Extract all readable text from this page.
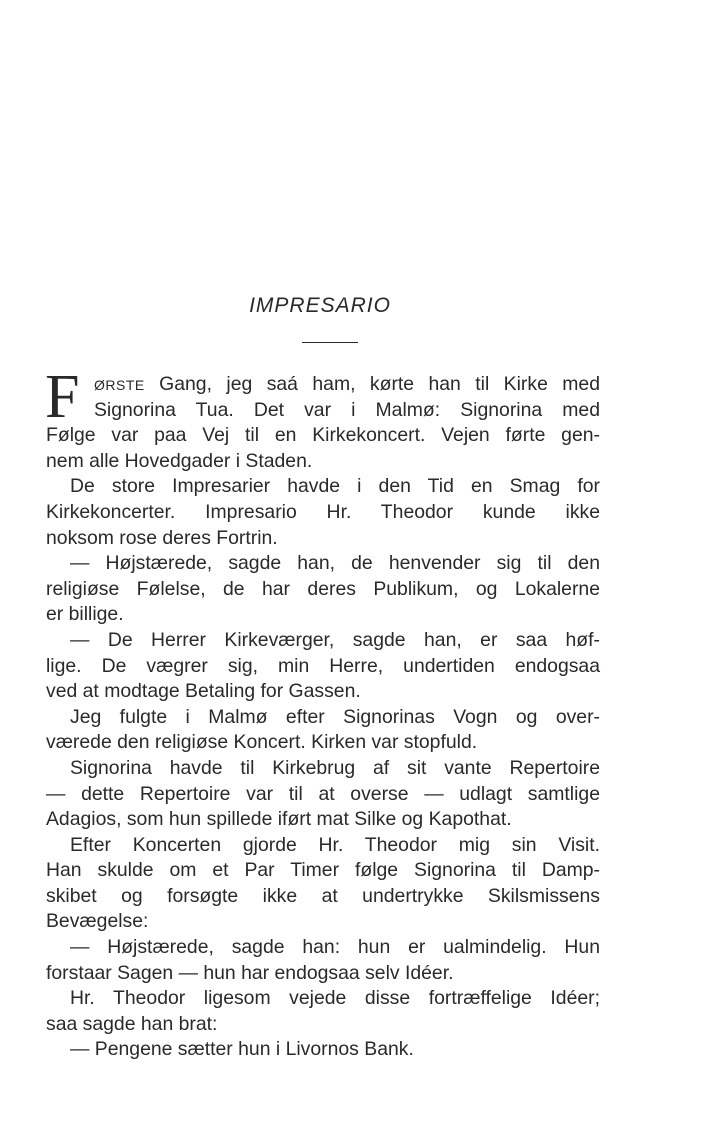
IMPRESARIO
F	ØRSTE Gang, jeg saá ham, kørte han til Kirke med
Signorina Tua. Det var i Malmø: Signorina med
Følge var paa Vej til en Kirkekoncert. Vejen førte gen-
nem alle Hovedgader i Staden.
De store Impresarier havde i den Tid en Smag for
Kirkekoncerter. Impresario Hr. Theodor kunde ikke
noksom rose deres Fortrin.
— Højstærede, sagde han, de henvender sig til den
religiøse Følelse, de har deres Publikum, og Lokalerne
er billige.
— De Herrer Kirkeværger, sagde han, er saa høf-
lige. De vægrer sig, min Herre, undertiden endogsaa
ved at modtage Betaling for Gassen.
Jeg fulgte i Malmø efter Signorinas Vogn og over-
værede den religiøse Koncert. Kirken var stopfuld.
Signorina havde til Kirkebrug af sit vante Repertoire
— dette Repertoire var til at overse — udlagt samtlige
Adagios, som hun spillede iført mat Silke og Kapothat.
Efter Koncerten gjorde Hr. Theodor mig sin Visit.
Han skulde om et Par Timer følge Signorina til Damp-
skibet og forsøgte ikke at undertrykke Skilsmissens
Bevægelse:
— Højstærede, sagde han: hun er ualmindelig. Hun
forstaar Sagen — hun har endogsaa selv Idéer.
Hr. Theodor ligesom vejede disse fortræffelige Idéer;
saa sagde han brat:
— Pengene sætter hun i Livornos Bank.
